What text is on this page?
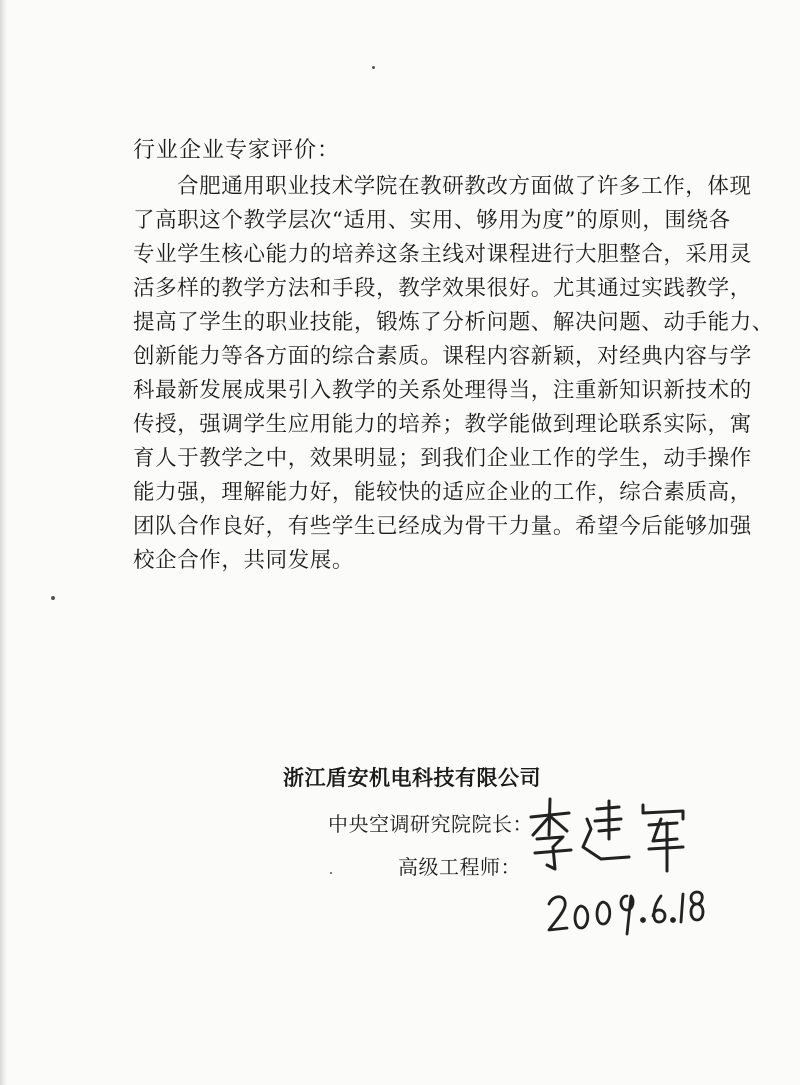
行业企业专家评价：
合肥通用职业技术学院在教研教改方面做了许多工作，体现
了高职这个教学层次“适用、实用、够用为度”的原则，围绕各
专业学生核心能力的培养这条主线对课程进行大胆整合，采用灵
活多样的教学方法和手段，教学效果很好。尤其通过实践教学，
提高了学生的职业技能，锻炼了分析问题、解决问题、动手能力、
创新能力等各方面的综合素质。课程内容新颖，对经典内容与学
科最新发展成果引入教学的关系处理得当，注重新知识新技术的
传授，强调学生应用能力的培养；教学能做到理论联系实际，寓
育人于教学之中，效果明显；到我们企业工作的学生，动手操作
能力强，理解能力好，能较快的适应企业的工作，综合素质高，
团队合作良好，有些学生已经成为骨干力量。希望今后能够加强
校企合作，共同发展。
浙江盾安机电科技有限公司
中央空调研究院院长：
高级工程师：
